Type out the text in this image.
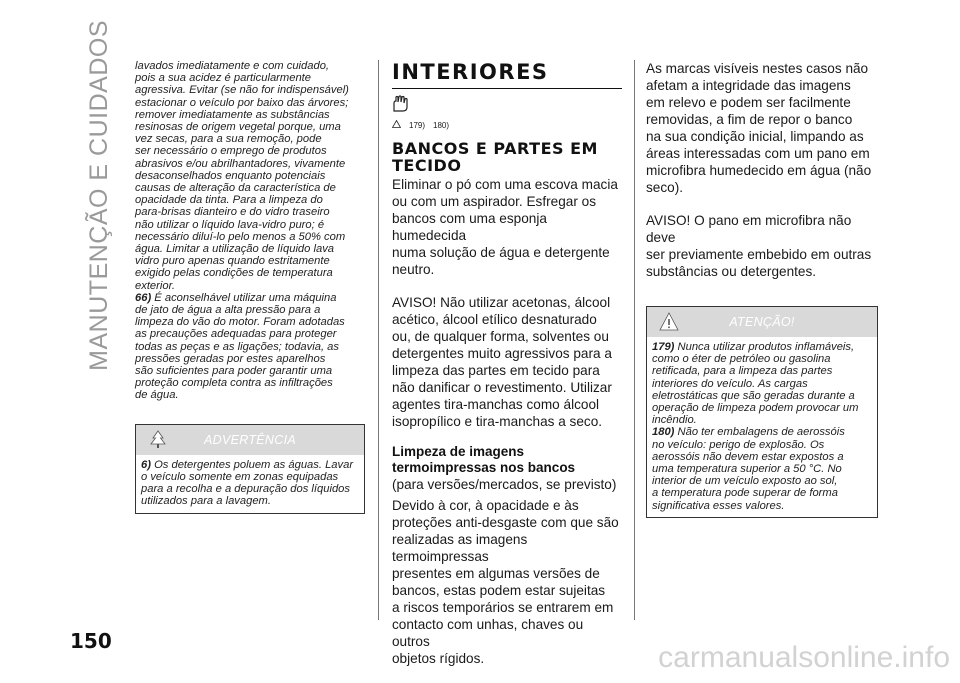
MANUTENÇÃO E CUIDADOS lavados imediatamente e com cuidado,
pois a sua acidez é particularmente
agressiva. Evitar (se não for indispensável)
estacionar o veículo por baixo das árvores;
remover imediatamente as substâncias
resinosas de origem vegetal porque, uma
vez secas, para a sua remoção, pode
ser necessário o emprego de produtos
abrasivos e/ou abrilhantadores, vivamente
desaconselhados enquanto potenciais
causas de alteração da característica de
opacidade da tinta. Para a limpeza do
para-brisas dianteiro e do vidro traseiro
não utilizar o líquido lava-vidro puro; é
necessário diluí-lo pelo menos a 50% com
água. Limitar a utilização de líquido lava
vidro puro apenas quando estritamente
exigido pelas condições de temperatura
exterior.
66) É aconselhável utilizar uma máquina
de jato de água a alta pressão para a
limpeza do vão do motor. Foram adotadas
as precauções adequadas para proteger
todas as peças e as ligações; todavia, as
pressões geradas por estes aparelhos
são suficientes para poder garantir uma
proteção completa contra as infiltrações
de água.
ADVERTÊNCIA
6) Os detergentes poluem as águas. Lavar
o veículo somente em zonas equipadas
para a recolha e a depuração dos líquidos
utilizados para a lavagem.
INTERIORES
179) 180)
BANCOS E PARTES EM
TECIDO
Eliminar o pó com uma escova macia
ou com um aspirador. Esfregar os
bancos com uma esponja humedecida
numa solução de água e detergente
neutro.
AVISO! Não utilizar acetonas, álcool
acético, álcool etílico desnaturado
ou, de qualquer forma, solventes ou
detergentes muito agressivos para a
limpeza das partes em tecido para
não danificar o revestimento. Utilizar
agentes tira-manchas como álcool
isopropílico e tira-manchas a seco.
Limpeza de imagens
termoimpressas nos bancos
(para versões/mercados, se previsto)
Devido à cor, à opacidade e às
proteções anti-desgaste com que são
realizadas as imagens termoimpressas
presentes em algumas versões de
bancos, estas podem estar sujeitas
a riscos temporários se entrarem em
contacto com unhas, chaves ou outros
objetos rígidos.
As marcas visíveis nestes casos não
afetam a integridade das imagens
em relevo e podem ser facilmente
removidas, a fim de repor o banco
na sua condição inicial, limpando as
áreas interessadas com um pano em
microfibra humedecido em água (não
seco).
AVISO! O pano em microfibra não deve
ser previamente embebido em outras
substâncias ou detergentes.
ATENÇÃO!
179) Nunca utilizar produtos inflamáveis,
como o éter de petróleo ou gasolina
retificada, para a limpeza das partes
interiores do veículo. As cargas
eletrostáticas que são geradas durante a
operação de limpeza podem provocar um
incêndio.
180) Não ter embalagens de aerossóis
no veículo: perigo de explosão. Os
aerossóis não devem estar expostos a
uma temperatura superior a 50 °C. No
interior de um veículo exposto ao sol,
a temperatura pode superar de forma
significativa esses valores.
150	carmanualsonline.info
